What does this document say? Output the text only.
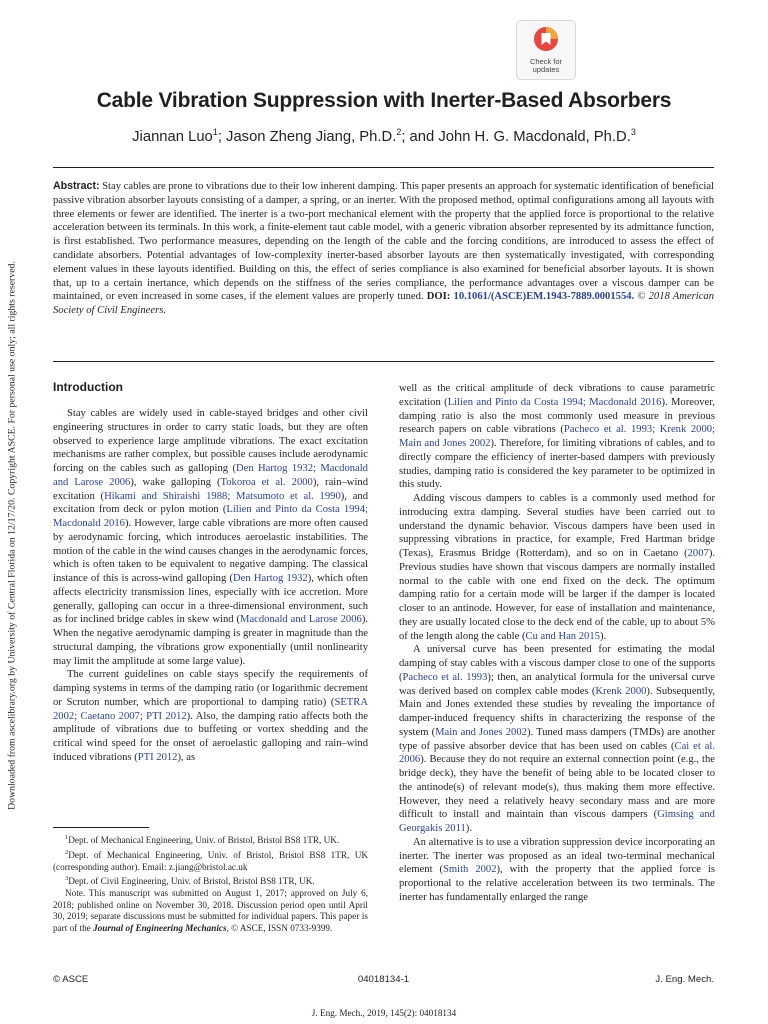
Downloaded from ascelibrary.org by University of Central Florida on 12/17/20. Copyright ASCE. For personal use only; all rights reserved.
Check for
updates
Cable Vibration Suppression with Inerter-Based Absorbers
Jiannan Luo$^1$; Jason Zheng Jiang, Ph.D.$^2$; and John H. G. Macdonald, Ph.D.$^3$
Abstract: Stay cables are prone to vibrations due to their low inherent damping. This paper presents an approach for systematic identification of beneficial passive vibration absorber layouts consisting of a damper, a spring, or an inerter. With the proposed method, optimal configurations among all layouts with three elements or fewer are identified. The inerter is a two-port mechanical element with the property that the applied force is proportional to the relative acceleration between its terminals. In this work, a finite-element taut cable model, with a generic vibration absorber represented by its admittance function, is first established. Two performance measures, depending on the length of the cable and the forcing conditions, are introduced to assess the effect of candidate absorbers. Potential advantages of low-complexity inerter-based absorber layouts are then systematically investigated, with corresponding element values in these layouts identified. Building on this, the effect of series compliance is also examined for beneficial absorber layouts. It is shown that, up to a certain inertance, which depends on the stiffness of the series compliance, the performance advantages over a viscous damper can be maintained, or even increased in some cases, if the element values are properly tuned. DOI: 10.1061/(ASCE)EM.1943-7889.0001554. © 2018 American Society of Civil Engineers.
Introduction

Stay cables are widely used in cable-stayed bridges and other civil engineering structures in order to carry static loads, but they are often observed to experience large amplitude vibrations. The exact excitation mechanisms are rather complex, but possible causes include aerodynamic forcing on the cables such as galloping (Den Hartog 1932; Macdonald and Larose 2006), wake galloping (Tokoroa et al. 2000), rain–wind excitation (Hikami and Shiraishi 1988; Matsumoto et al. 1990), and excitation from deck or pylon motion (Lilien and Pinto da Costa 1994; Macdonald 2016). However, large cable vibrations are more often caused by aerodynamic forcing, which introduces aeroelastic instabilities. The motion of the cable in the wind causes changes in the aerodynamic forces, which is often taken to be equivalent to negative damping. The classical instance of this is across-wind galloping (Den Hartog 1932), which often affects electricity transmission lines, especially with ice accretion. More generally, galloping can occur in a three-dimensional environment, such as for inclined bridge cables in skew wind (Macdonald and Larose 2006). When the negative aerodynamic damping is greater in magnitude than the structural damping, the vibrations grow exponentially (until nonlinearity may limit the amplitude at some large value).

The current guidelines on cable stays specify the requirements of damping systems in terms of the damping ratio (or logarithmic decrement or Scruton number, which are proportional to damping ratio) (SETRA 2002; Caetano 2007; PTI 2012). Also, the damping ratio affects both the amplitude of vibrations due to buffeting or vortex shedding and the critical wind speed for the onset of aeroelastic galloping and rain–wind induced vibrations (PTI 2012), as

$^1$Dept. of Mechanical Engineering, Univ. of Bristol, Bristol BS8 1TR, UK.

$^2$Dept. of Mechanical Engineering, Univ. of Bristol, Bristol BS8 1TR, UK (corresponding author). Email: z.jiang@bristol.ac.uk

$^3$Dept. of Civil Engineering, Univ. of Bristol, Bristol BS8 1TR, UK.

Note. This manuscript was submitted on August 1, 2017; approved on July 6, 2018; published online on November 30, 2018. Discussion period open until April 30, 2019; separate discussions must be submitted for individual papers. This paper is part of the Journal of Engineering Mechanics, © ASCE, ISSN 0733-9399.

well as the critical amplitude of deck vibrations to cause parametric excitation (Lilien and Pinto da Costa 1994; Macdonald 2016). Moreover, damping ratio is also the most commonly used measure in previous research papers on cable vibrations (Pacheco et al. 1993; Krenk 2000; Main and Jones 2002). Therefore, for limiting vibrations of cables, and to directly compare the efficiency of inerter-based dampers with previously studies, damping ratio is considered the key parameter to be optimized in this study.

Adding viscous dampers to cables is a commonly used method for introducing extra damping. Several studies have been carried out to understand the dynamic behavior. Viscous dampers have been used in suppressing vibrations in practice, for example, Fred Hartman bridge (Texas), Erasmus Bridge (Rotterdam), and so on in Caetano (2007). Previous studies have shown that viscous dampers are normally installed normal to the cable with one end fixed on the deck. The optimum damping ratio for a certain mode will be larger if the damper is located closer to an antinode. However, for ease of installation and maintenance, they are usually located close to the deck end of the cable, up to about 5% of the length along the cable (Cu and Han 2015).

A universal curve has been presented for estimating the modal damping of stay cables with a viscous damper close to one of the supports (Pacheco et al. 1993); then, an analytical formula for the universal curve was derived based on complex cable modes (Krenk 2000). Subsequently, Main and Jones extended these studies by revealing the importance of damper-induced frequency shifts in characterizing the response of the system (Main and Jones 2002). Tuned mass dampers (TMDs) are another type of passive absorber device that has been used on cables (Cai et al. 2006). Because they do not require an external connection point (e.g., the bridge deck), they have the benefit of being able to be located closer to the antinode(s) of relevant mode(s), thus making them more effective. However, they need a relatively heavy secondary mass and are more difficult to install and maintain than viscous dampers (Gimsing and Georgakis 2011).

An alternative is to use a vibration suppression device incorporating an inerter. The inerter was proposed as an ideal two-terminal mechanical element (Smith 2002), with the property that the applied force is proportional to the relative acceleration between its two terminals. The inerter has fundamentally enlarged the range

© ASCE	04018134-1	J. Eng. Mech.
J. Eng. Mech., 2019, 145(2): 04018134
